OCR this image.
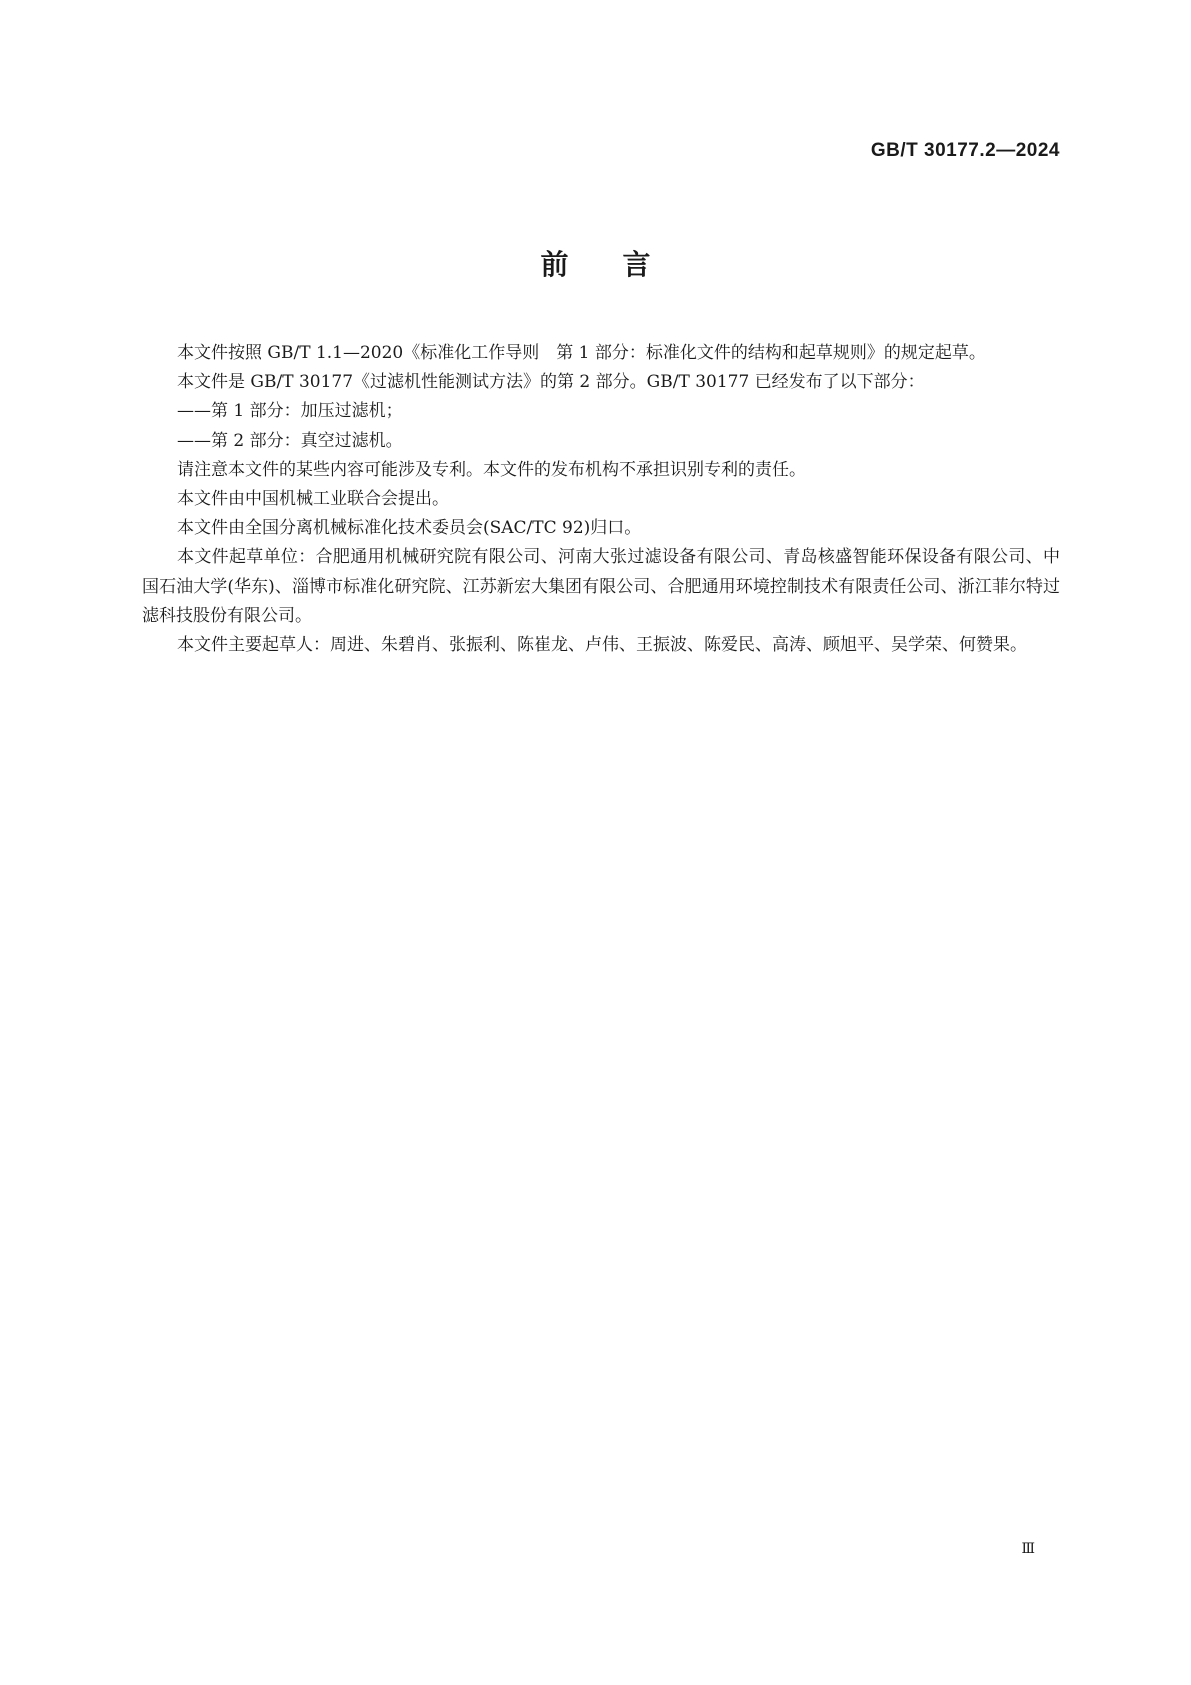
GB/T 30177.2—2024
前言

本文件按照 GB/T 1.1—2020《标准化工作导则　第 1 部分：标准化文件的结构和起草规则》的规定起草。

本文件是 GB/T 30177《过滤机性能测试方法》的第 2 部分。GB/T 30177 已经发布了以下部分：

——第 1 部分：加压过滤机；

——第 2 部分：真空过滤机。

请注意本文件的某些内容可能涉及专利。本文件的发布机构不承担识别专利的责任。

本文件由中国机械工业联合会提出。

本文件由全国分离机械标准化技术委员会(SAC/TC 92)归口。

本文件起草单位：合肥通用机械研究院有限公司、河南大张过滤设备有限公司、青岛核盛智能环保设备有限公司、中国石油大学(华东)、淄博市标准化研究院、江苏新宏大集团有限公司、合肥通用环境控制技术有限责任公司、浙江菲尔特过滤科技股份有限公司。

本文件主要起草人：周进、朱碧肖、张振利、陈崔龙、卢伟、王振波、陈爱民、高涛、顾旭平、吴学荣、何赞果。

Ⅲ
